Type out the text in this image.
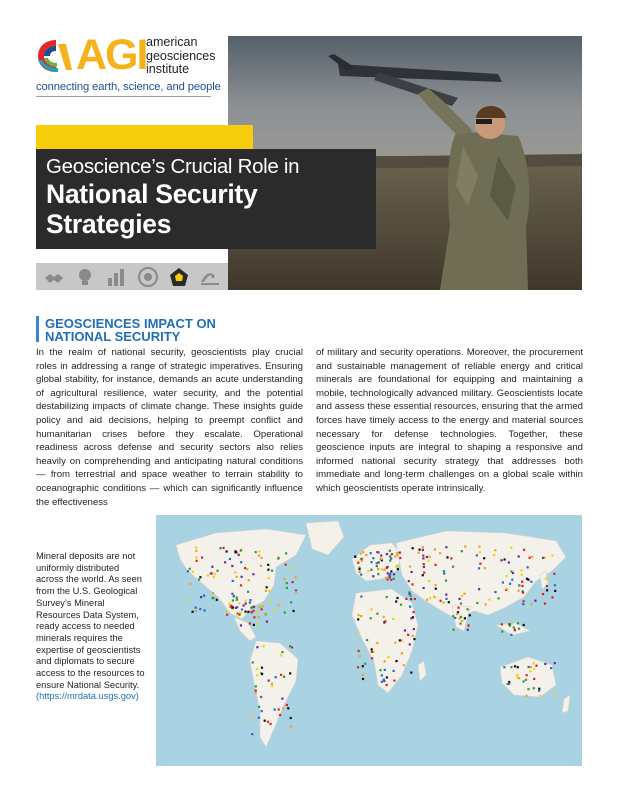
AGI american
geosciences
institute
connecting earth, science, and people
Geoscience’s Crucial Role in
National Security
Strategies
GEOSCIENCES IMPACT ON
NATIONAL SECURITY

In the realm of national security, geoscientists play crucial roles in addressing a range of strategic imperatives. Ensuring global stability, for instance, demands an acute understanding of agricultural resilience, water security, and the potential destabilizing impacts of climate change. These insights guide policy and aid decisions, helping to preempt conflict and humanitarian crises before they escalate. Operational readiness across defense and security sectors also relies heavily on comprehending and anticipating natural conditions — from terrestrial and space weather to terrain stability to oceanographic conditions — which can significantly influence the effectiveness

of military and security operations. Moreover, the procurement and sustainable management of reliable energy and critical minerals are foundational for equipping and maintaining a mobile, technologically advanced military. Geoscientists locate and assess these essential resources, ensuring that the armed forces have timely access to the energy and material sources necessary for defense technologies. Together, these geoscience inputs are integral to shaping a responsive and informed national security strategy that addresses both immediate and long-term challenges on a global scale within which geoscientists operate intrinsically.

Mineral deposits are not uniformly distributed across the world. As seen from the U.S. Geological Survey’s Mineral Resources Data System, ready access to needed minerals requires the expertise of geoscientists and diplomats to secure access to the resources to ensure National Security. (https://mrdata.usgs.gov)
